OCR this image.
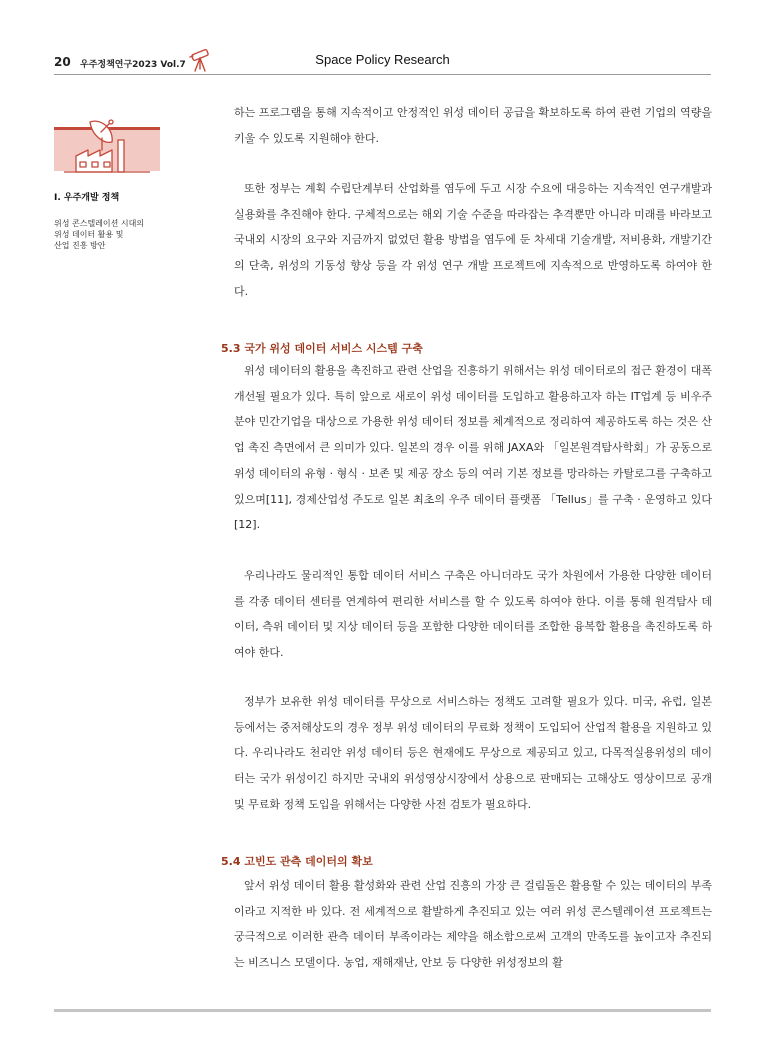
20 우주정책연구2023 Vol.7	Space Policy Research
I. 우주개발 정책
위성 콘스텔레이션 시대의
위성 데이터 활용 및
산업 진흥 방안

하는 프로그램을 통해 지속적이고 안정적인 위성 데이터 공급을 확보하도록 하여 관련 기업의 역량을 키울 수 있도록 지원해야 한다.

또한 정부는 계획 수립단계부터 산업화를 염두에 두고 시장 수요에 대응하는 지속적인 연구개발과 실용화를 추진해야 한다. 구체적으로는 해외 기술 수준을 따라잡는 추격뿐만 아니라 미래를 바라보고 국내외 시장의 요구와 지금까지 없었던 활용 방법을 염두에 둔 차세대 기술개발, 저비용화, 개발기간의 단축, 위성의 기동성 향상 등을 각 위성 연구 개발 프로젝트에 지속적으로 반영하도록 하여야 한다.

5.3 국가 위성 데이터 서비스 시스템 구축

위성 데이터의 활용을 촉진하고 관련 산업을 진흥하기 위해서는 위성 데이터로의 접근 환경이 대폭 개선될 필요가 있다. 특히 앞으로 새로이 위성 데이터를 도입하고 활용하고자 하는 IT업계 등 비우주 분야 민간기업을 대상으로 가용한 위성 데이터 정보를 체계적으로 정리하여 제공하도록 하는 것은 산업 촉진 측면에서 큰 의미가 있다. 일본의 경우 이를 위해 JAXA와 「일본원격탐사학회」가 공동으로 위성 데이터의 유형 · 형식 · 보존 및 제공 장소 등의 여러 기본 정보를 망라하는 카탈로그를 구축하고 있으며[11], 경제산업성 주도로 일본 최초의 우주 데이터 플랫폼 「Tellus」를 구축 · 운영하고 있다[12].

우리나라도 물리적인 통합 데이터 서비스 구축은 아니더라도 국가 차원에서 가용한 다양한 데이터를 각종 데이터 센터를 연계하여 편리한 서비스를 할 수 있도록 하여야 한다. 이를 통해 원격탐사 데이터, 측위 데이터 및 지상 데이터 등을 포함한 다양한 데이터를 조합한 융복합 활용을 촉진하도록 하여야 한다.

정부가 보유한 위성 데이터를 무상으로 서비스하는 정책도 고려할 필요가 있다. 미국, 유럽, 일본 등에서는 중저해상도의 경우 정부 위성 데이터의 무료화 정책이 도입되어 산업적 활용을 지원하고 있다. 우리나라도 천리안 위성 데이터 등은 현재에도 무상으로 제공되고 있고, 다목적실용위성의 데이터는 국가 위성이긴 하지만 국내외 위성영상시장에서 상용으로 판매되는 고해상도 영상이므로 공개 및 무료화 정책 도입을 위해서는 다양한 사전 검토가 필요하다.

5.4 고빈도 관측 데이터의 확보

앞서 위성 데이터 활용 활성화와 관련 산업 진흥의 가장 큰 걸림돌은 활용할 수 있는 데이터의 부족이라고 지적한 바 있다. 전 세계적으로 활발하게 추진되고 있는 여러 위성 콘스텔레이션 프로젝트는 궁극적으로 이러한 관측 데이터 부족이라는 제약을 해소함으로써 고객의 만족도를 높이고자 추진되는 비즈니스 모델이다. 농업, 재해재난, 안보 등 다양한 위성정보의 활
